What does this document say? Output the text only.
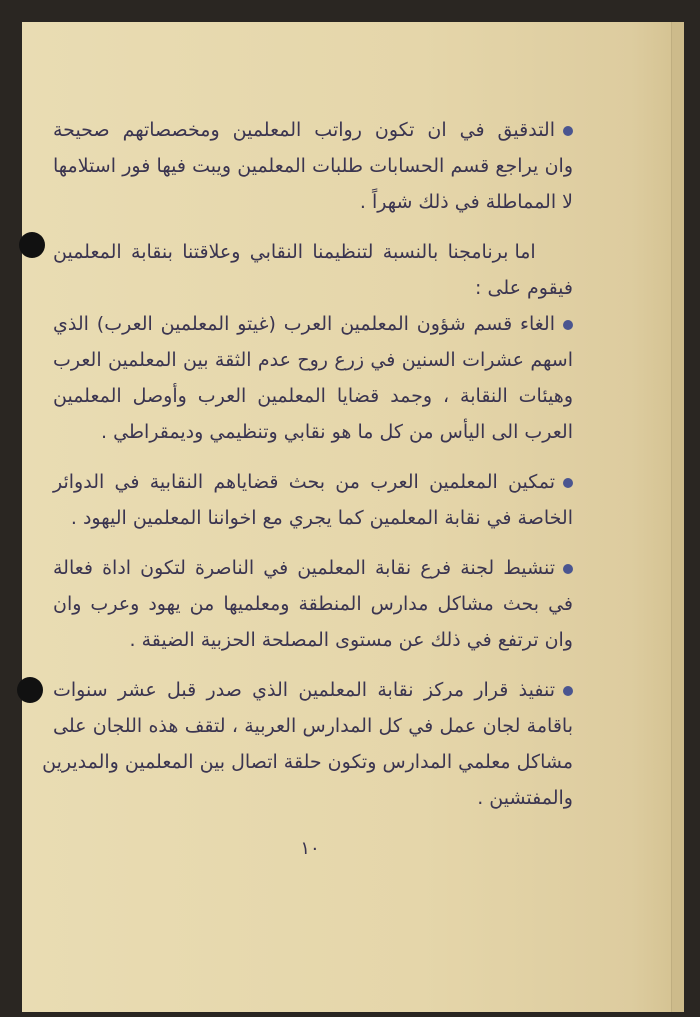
التدقيق في ان تكون رواتب المعلمين ومخصصاتهم صحيحة
وان يراجع قسم الحسابات طلبات المعلمين ويبت فيها فور استلامها
لا المماطلة في ذلك شهراً .
اما برنامجنا بالنسبة لتنظيمنا النقابي وعلاقتنا بنقابة المعلمين
فيقوم على :
الغاء قسم شؤون المعلمين العرب (غيتو المعلمين العرب) الذي
اسهم عشرات السنين في زرع روح عدم الثقة بين المعلمين العرب
وهيئات النقابة ، وجمد قضايا المعلمين العرب وأوصل المعلمين
العرب الى اليأس من كل ما هو نقابي وتنظيمي وديمقراطي .
تمكين المعلمين العرب من بحث قضاياهم النقابية في الدوائر
الخاصة في نقابة المعلمين كما يجري مع اخواننا المعلمين اليهود .
تنشيط لجنة فرع نقابة المعلمين في الناصرة لتكون اداة فعالة
في بحث مشاكل مدارس المنطقة ومعلميها من يهود وعرب وان
وان ترتفع في ذلك عن مستوى المصلحة الحزبية الضيقة .
تنفيذ قرار مركز نقابة المعلمين الذي صدر قبل عشر سنوات
باقامة لجان عمل في كل المدارس العربية ، لتقف هذه اللجان على
مشاكل معلمي المدارس وتكون حلقة اتصال بين المعلمين والمديرين
والمفتشين .
١٠
